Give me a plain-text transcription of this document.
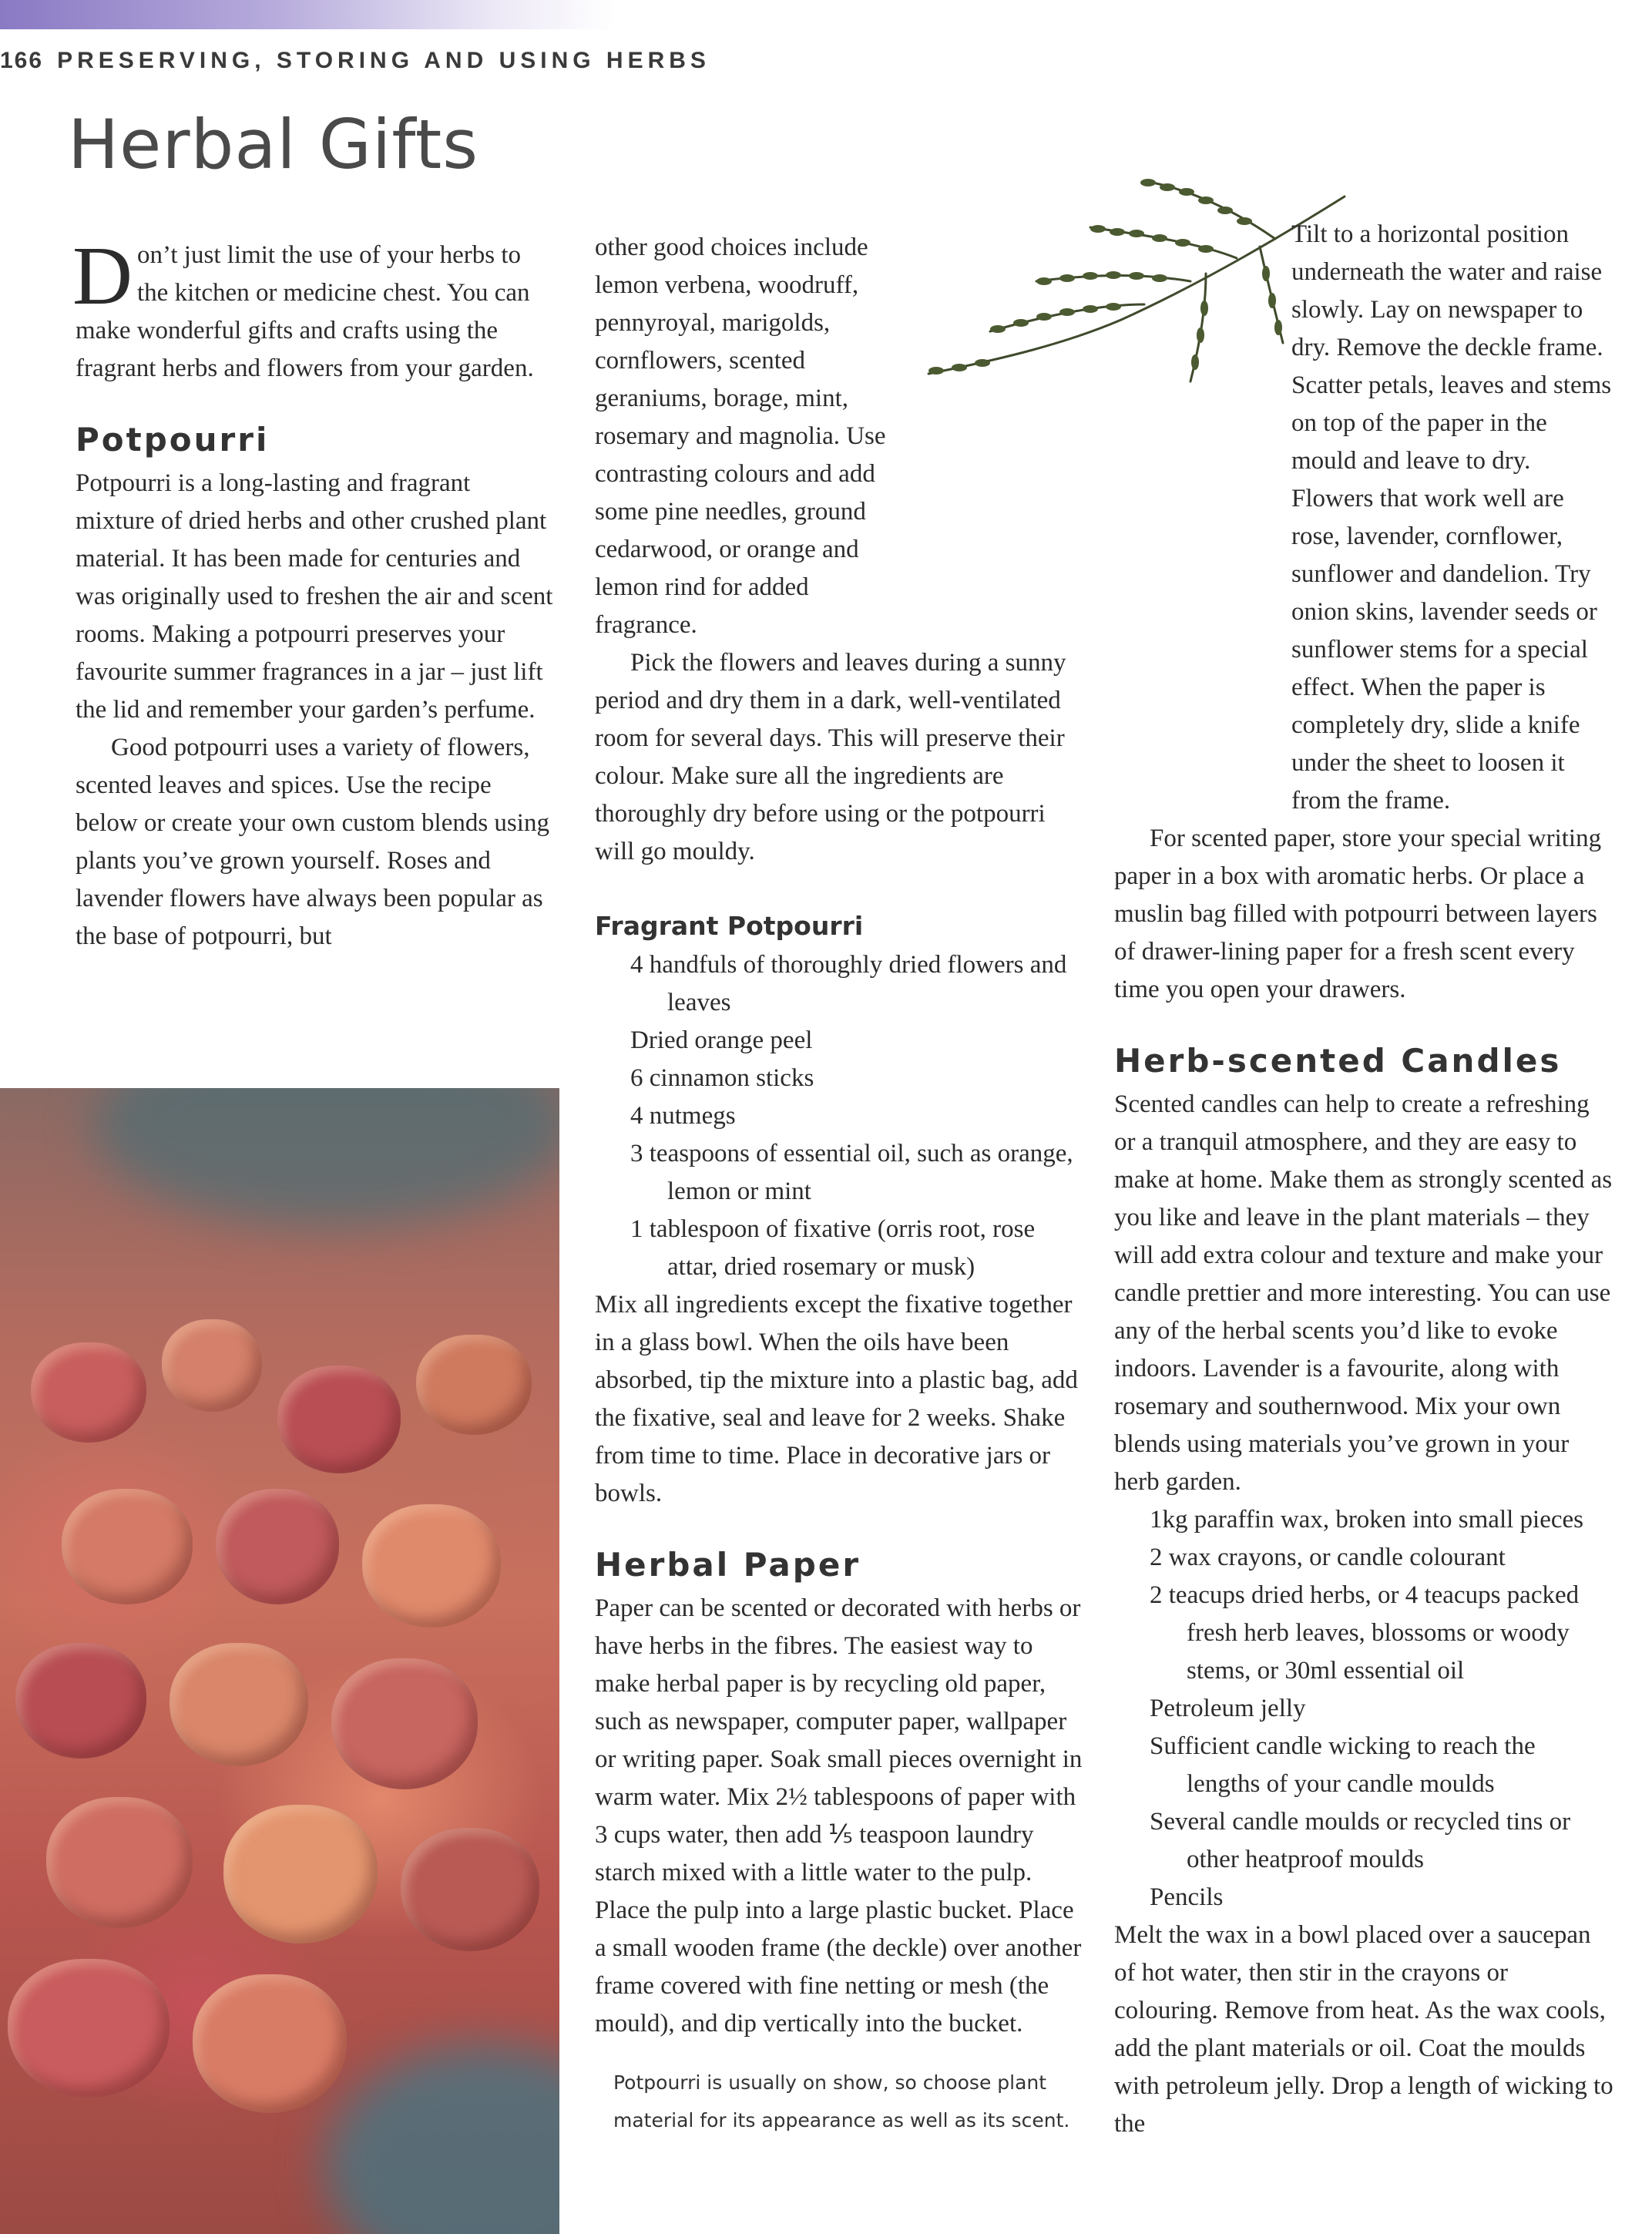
166 PRESERVING, STORING AND USING HERBS
Herbal Gifts

Don’t just limit the use of your herbs to the kitchen or medicine chest. You can make wonderful gifts and crafts using the fragrant herbs and flowers from your garden.

Potpourri

Potpourri is a long-lasting and fragrant mixture of dried herbs and other crushed plant material. It has been made for centuries and was originally used to freshen the air and scent rooms. Making a potpourri preserves your favourite summer fragrances in a jar – just lift the lid and remember your garden’s perfume.

Good potpourri uses a variety of flowers, scented leaves and spices. Use the recipe below or create your own custom blends using plants you’ve grown yourself. Roses and lavender flowers have always been popular as the base of potpourri, but

other good choices include lemon verbena, woodruff, pennyroyal, marigolds, cornflowers, scented geraniums, borage, mint, rosemary and magnolia. Use contrasting colours and add some pine needles, ground cedarwood, or orange and lemon rind for added fragrance.

Pick the flowers and leaves during a sunny period and dry them in a dark, well-ventilated room for several days. This will preserve their colour. Make sure all the ingredients are thoroughly dry before using or the potpourri will go mouldy.

Fragrant Potpourri
4 handfuls of thoroughly dried flowers and leaves
Dried orange peel
6 cinnamon sticks
4 nutmegs
3 teaspoons of essential oil, such as orange, lemon or mint
1 tablespoon of fixative (orris root, rose attar, dried rosemary or musk)

Mix all ingredients except the fixative together in a glass bowl. When the oils have been absorbed, tip the mixture into a plastic bag, add the fixative, seal and leave for 2 weeks. Shake from time to time. Place in decorative jars or bowls.

Herbal Paper

Paper can be scented or decorated with herbs or have herbs in the fibres. The easiest way to make herbal paper is by recycling old paper, such as newspaper, computer paper, wallpaper or writing paper. Soak small pieces overnight in warm water. Mix 2½ tablespoons of paper with 3 cups water, then add ⅕ teaspoon laundry starch mixed with a little water to the pulp. Place the pulp into a large plastic bucket. Place a small wooden frame (the deckle) over another frame covered with fine netting or mesh (the mould), and dip vertically into the bucket.

Potpourri is usually on show, so choose plant material for its appearance as well as its scent.

Tilt to a horizontal position underneath the water and raise slowly. Lay on newspaper to dry. Remove the deckle frame. Scatter petals, leaves and stems on top of the paper in the mould and leave to dry. Flowers that work well are rose, lavender, cornflower, sunflower and dandelion. Try onion skins, lavender seeds or sunflower stems for a special effect. When the paper is completely dry, slide a knife under the sheet to loosen it from the frame.

For scented paper, store your special writing paper in a box with aromatic herbs. Or place a muslin bag filled with potpourri between layers of drawer-lining paper for a fresh scent every time you open your drawers.

Herb-scented Candles

Scented candles can help to create a refreshing or a tranquil atmosphere, and they are easy to make at home. Make them as strongly scented as you like and leave in the plant materials – they will add extra colour and texture and make your candle prettier and more interesting. You can use any of the herbal scents you’d like to evoke indoors. Lavender is a favourite, along with rosemary and southernwood. Mix your own blends using materials you’ve grown in your herb garden.

1kg paraffin wax, broken into small pieces
2 wax crayons, or candle colourant
2 teacups dried herbs, or 4 teacups packed fresh herb leaves, blossoms or woody stems, or 30ml essential oil
Petroleum jelly
Sufficient candle wicking to reach the lengths of your candle moulds
Several candle moulds or recycled tins or other heatproof moulds
Pencils

Melt the wax in a bowl placed over a saucepan of hot water, then stir in the crayons or colouring. Remove from heat. As the wax cools, add the plant materials or oil. Coat the moulds with petroleum jelly. Drop a length of wicking to the
